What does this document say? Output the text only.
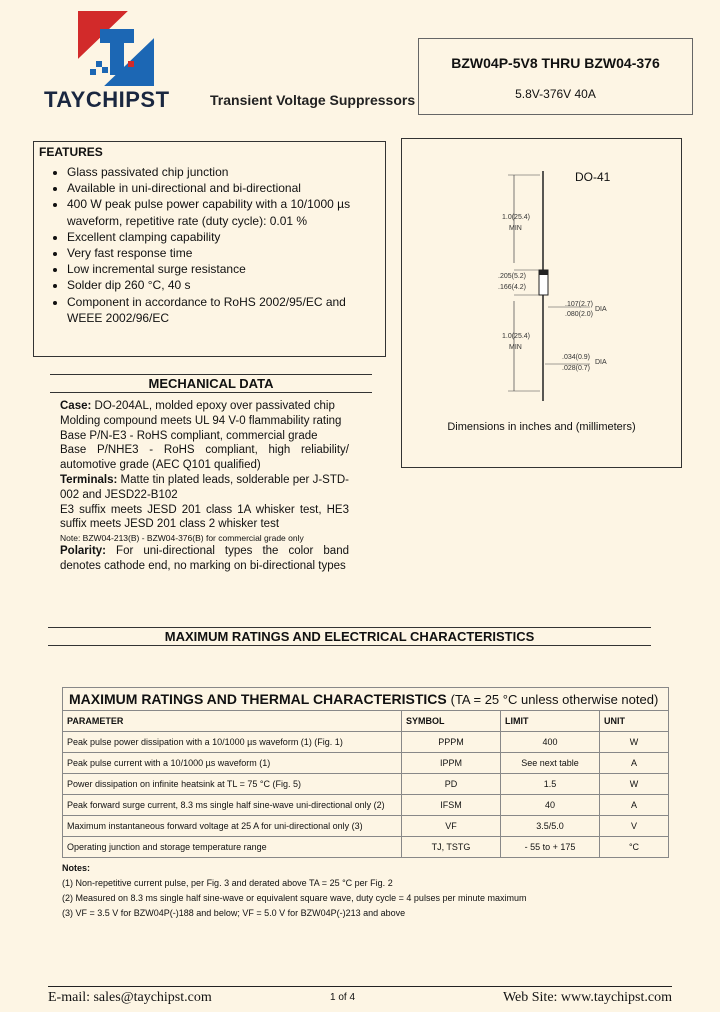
TAYCHIPST	Transient Voltage Suppressors
BZW04P-5V8 THRU BZW04-376
5.8V-376V 40A
FEATURES
• Glass passivated chip junction
• Available in uni-directional and bi-directional
• 400 W peak pulse power capability with a 10/1000 µs waveform, repetitive rate (duty cycle): 0.01 %
• Excellent clamping capability
• Very fast response time
• Low incremental surge resistance
• Solder dip 260 °C, 40 s
• Component in accordance to RoHS 2002/95/EC and WEEE 2002/96/EC
DO-41
1.0(25.4)
MIN
.205(5.2)
.166(4.2)
.107(2.7)
.080(2.0)
DIA
1.0(25.4)
MIN
.034(0.9)
.028(0.7)
DIA
Dimensions in inches and (millimeters)
MECHANICAL DATA

Case: DO-204AL, molded epoxy over passivated chip

Molding compound meets UL 94 V-0 flammability rating

Base P/N-E3 - RoHS compliant, commercial grade

Base P/NHE3 - RoHS compliant, high reliability/ automotive grade (AEC Q101 qualified)

Terminals: Matte tin plated leads, solderable per J-STD-002 and JESD22-B102

E3 suffix meets JESD 201 class 1A whisker test, HE3 suffix meets JESD 201 class 2 whisker test

Note: BZW04-213(B) - BZW04-376(B) for commercial grade only

Polarity: For uni-directional types the color band denotes cathode end, no marking on bi-directional types

MAXIMUM RATINGS AND ELECTRICAL CHARACTERISTICS
MAXIMUM RATINGS AND THERMAL CHARACTERISTICS (TA = 25 °C unless otherwise noted)			
PARAMETER	SYMBOL	LIMIT	UNIT
Peak pulse power dissipation with a 10/1000 µs waveform (1) (Fig. 1)	PPPM	400	W
Peak pulse current with a 10/1000 µs waveform (1)	IPPM	See next table	A
Power dissipation on infinite heatsink at TL = 75 °C (Fig. 5)	PD	1.5	W
Peak forward surge current, 8.3 ms single half sine-wave uni-directional only (2)	IFSM	40	A
Maximum instantaneous forward voltage at 25 A for uni-directional only (3)	VF	3.5/5.0	V
Operating junction and storage temperature range	TJ, TSTG	- 55 to + 175	°C
Notes:
(1) Non-repetitive current pulse, per Fig. 3 and derated above TA = 25 °C per Fig. 2
(2) Measured on 8.3 ms single half sine-wave or equivalent square wave, duty cycle = 4 pulses per minute maximum
(3) VF = 3.5 V for BZW04P(-)188 and below; VF = 5.0 V for BZW04P(-)213 and above
E-mail: sales@taychipst.com	1 of 4	Web Site: www.taychipst.com
